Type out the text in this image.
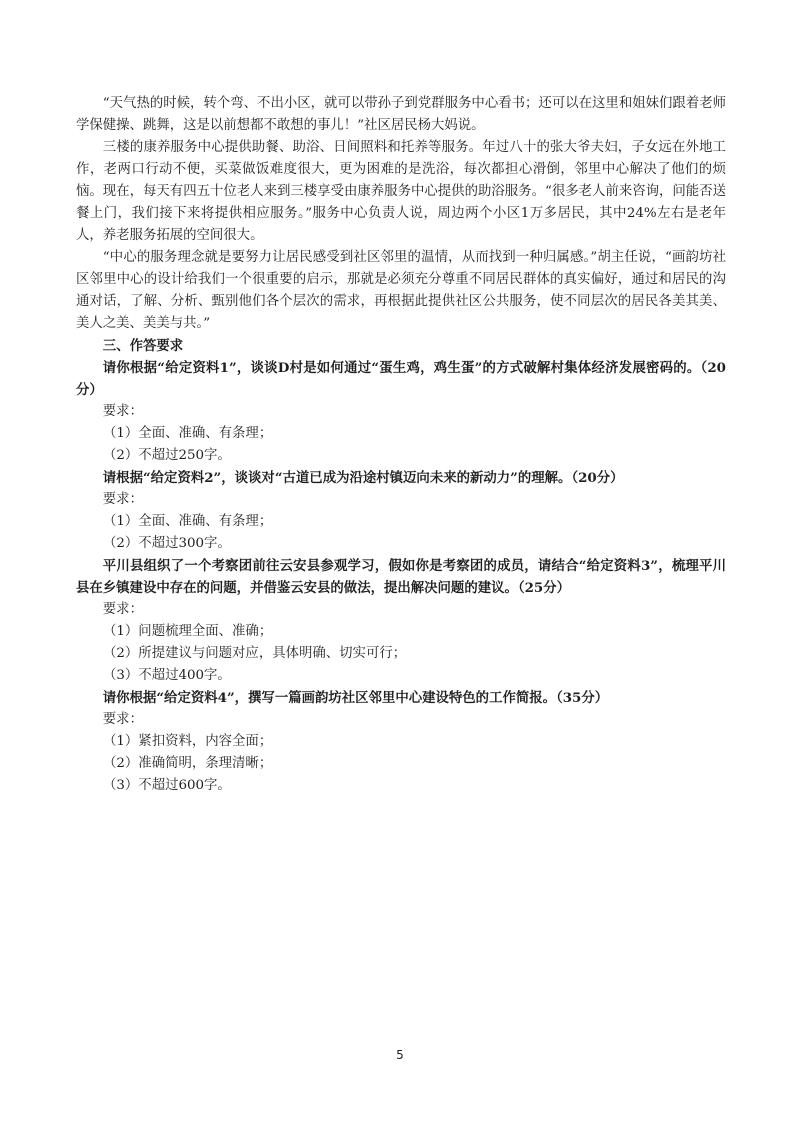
“天气热的时候，转个弯、不出小区，就可以带孙子到党群服务中心看书；还可以在这里和姐妹们跟着老师学保健操、跳舞，这是以前想都不敢想的事儿！”社区居民杨大妈说。

三楼的康养服务中心提供助餐、助浴、日间照料和托养等服务。年过八十的张大爷夫妇，子女远在外地工作，老两口行动不便，买菜做饭难度很大，更为困难的是洗浴，每次都担心滑倒，邻里中心解决了他们的烦恼。现在，每天有四五十位老人来到三楼享受由康养服务中心提供的助浴服务。“很多老人前来咨询，问能否送餐上门，我们接下来将提供相应服务。”服务中心负责人说，周边两个小区1万多居民，其中24%左右是老年人，养老服务拓展的空间很大。

“中心的服务理念就是要努力让居民感受到社区邻里的温情，从而找到一种归属感。”胡主任说，“画韵坊社区邻里中心的设计给我们一个很重要的启示，那就是必须充分尊重不同居民群体的真实偏好，通过和居民的沟通对话，了解、分析、甄别他们各个层次的需求，再根据此提供社区公共服务，使不同层次的居民各美其美、美人之美、美美与共。”

三、作答要求

请你根据“给定资料1”，谈谈D村是如何通过“蛋生鸡，鸡生蛋”的方式破解村集体经济发展密码的。（20分）

要求：

（1）全面、准确、有条理；

（2）不超过250字。

请根据“给定资料2”，谈谈对“古道已成为沿途村镇迈向未来的新动力”的理解。（20分）

要求：

（1）全面、准确、有条理；

（2）不超过300字。

平川县组织了一个考察团前往云安县参观学习，假如你是考察团的成员，请结合“给定资料3”，梳理平川县在乡镇建设中存在的问题，并借鉴云安县的做法，提出解决问题的建议。（25分）

要求：

（1）问题梳理全面、准确；

（2）所提建议与问题对应，具体明确、切实可行；

（3）不超过400字。

请你根据“给定资料4”，撰写一篇画韵坊社区邻里中心建设特色的工作简报。（35分）

要求：

（1）紧扣资料，内容全面；

（2）准确简明，条理清晰；

（3）不超过600字。

5
